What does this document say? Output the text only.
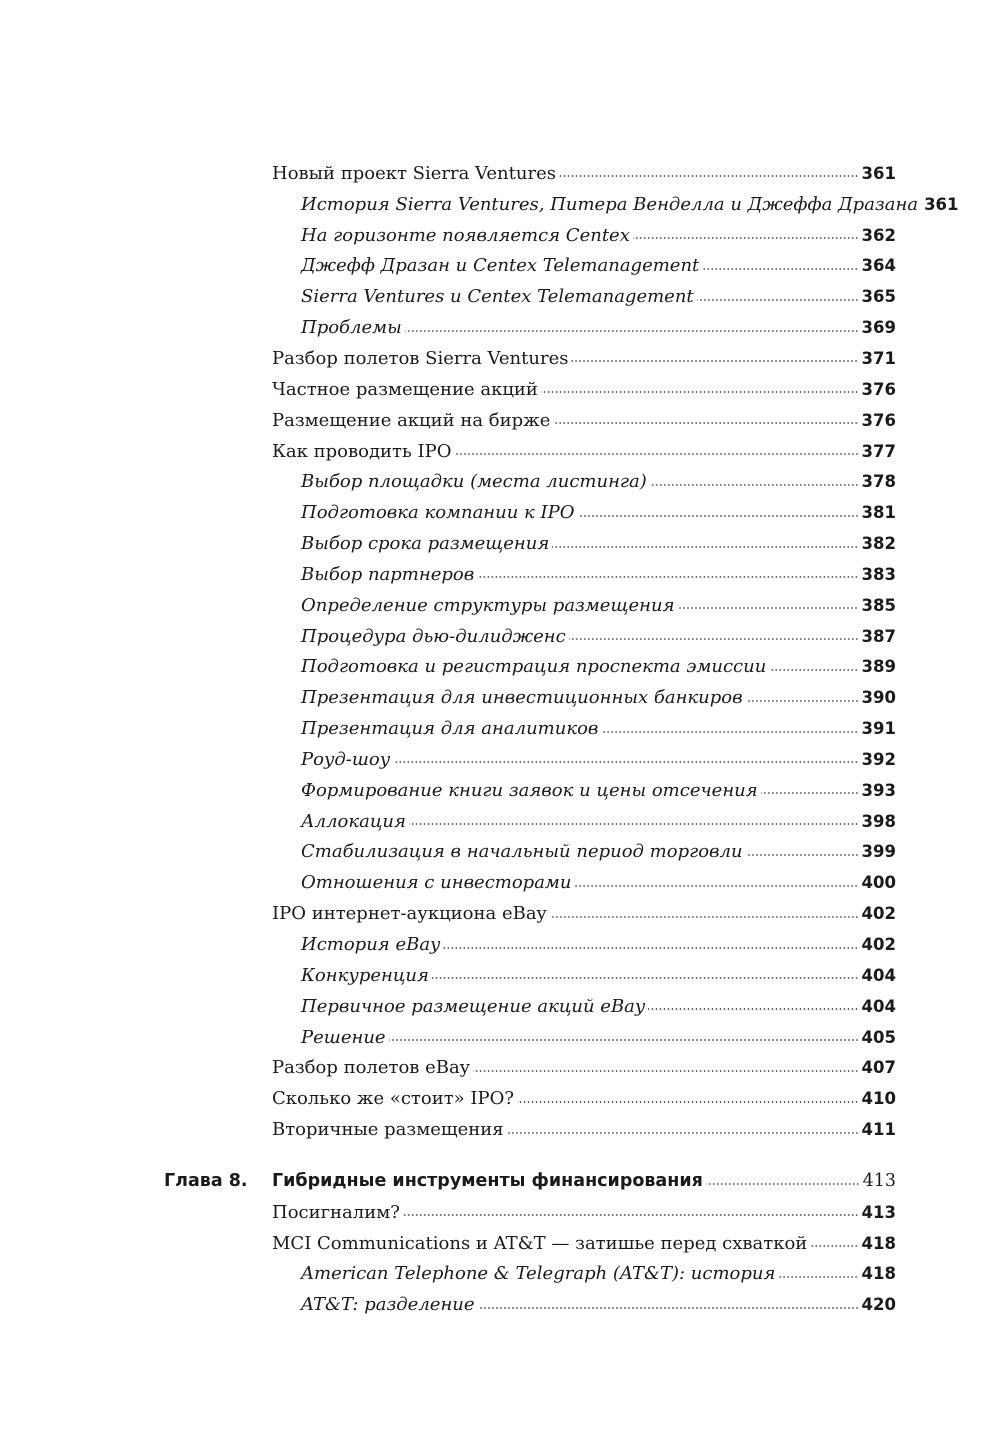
Новый проект Sierra Ventures	361
История Sierra Ventures, Питера Венделла и Джеффа Дразана 361
На горизонте появляется Centex	362
Джефф Дразан и Centex Telemanagement	364
Sierra Ventures и Centex Telemanagement	365
Проблемы	369
Разбор полетов Sierra Ventures	371
Частное размещение акций	376
Размещение акций на бирже	376
Как проводить IPO	377
Выбор площадки (места листинга)	378
Подготовка компании к IPO	381
Выбор срока размещения	382
Выбор партнеров	383
Определение структуры размещения	385
Процедура дью-дилидженс	387
Подготовка и регистрация проспекта эмиссии	389
Презентация для инвестиционных банкиров	390
Презентация для аналитиков	391
Роуд-шоу	392
Формирование книги заявок и цены отсечения	393
Аллокация	398
Стабилизация в начальный период торговли	399
Отношения с инвесторами	400
IPO интернет-аукциона eBay	402
История eBay	402
Конкуренция	404
Первичное размещение акций eBay	404
Решение	405
Разбор полетов eBay	407
Сколько же «стоит» IPO?	410
Вторичные размещения	411
Глава 8. Гибридные инструменты финансирования	413
Посигналим?	413
MCI Communications и AT&T — затишье перед схваткой	418
American Telephone & Telegraph (AT&T): история	418
AT&T: разделение	420
